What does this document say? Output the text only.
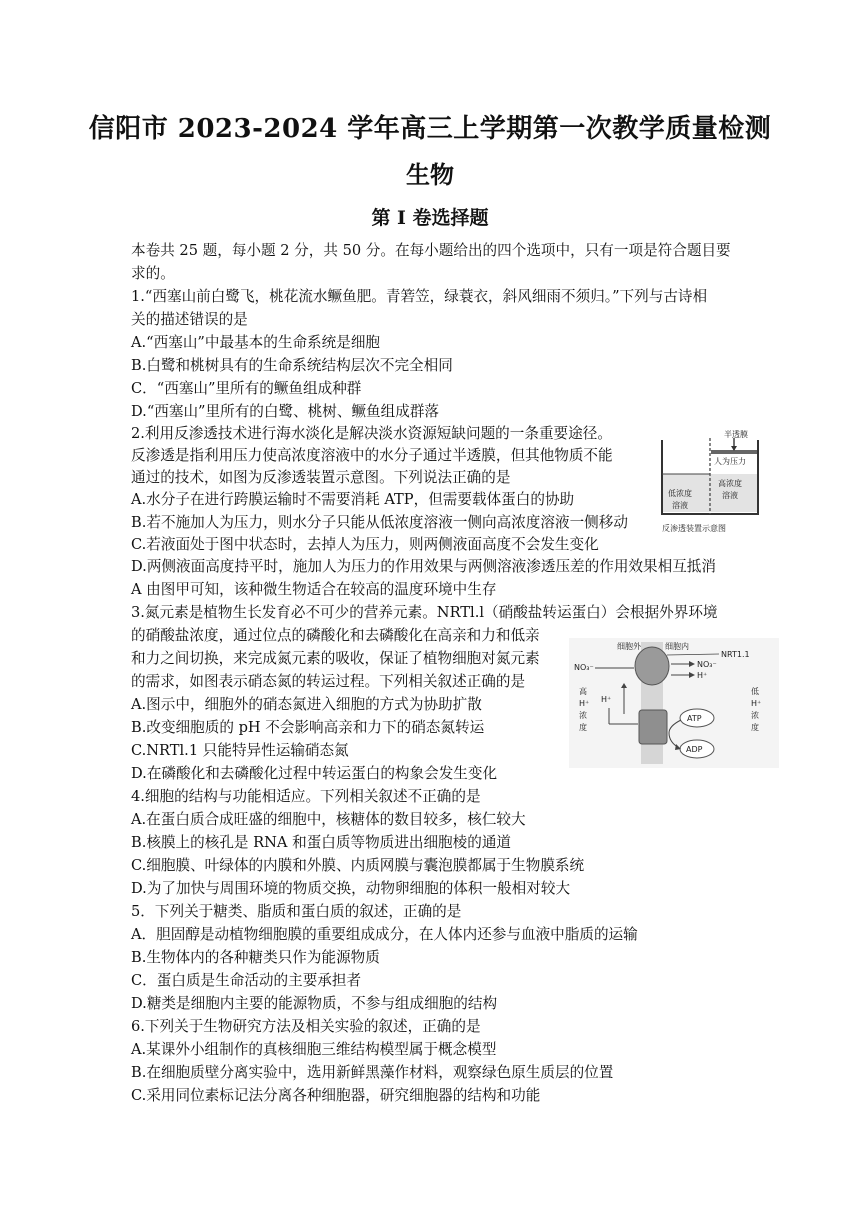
信阳市 2023-2024 学年高三上学期第一次教学质量检测
生物
第 I 卷选择题
本卷共 25 题，每小题 2 分，共 50 分。在每小题给出的四个选项中，只有一项是符合题目要
求的。
1.“西塞山前白鹭飞，桃花流水鳜鱼肥。青箬笠，绿蓑衣，斜风细雨不须归。”下列与古诗相
关的描述错误的是
A.“西塞山”中最基本的生命系统是细胞
B.白鹭和桃树具有的生命系统结构层次不完全相同
C．“西塞山”里所有的鳜鱼组成种群
D.“西塞山”里所有的白鹭、桃树、鳜鱼组成群落
2.利用反渗透技术进行海水淡化是解决淡水资源短缺问题的一条重要途径。
反渗透是指利用压力使高浓度溶液中的水分子通过半透膜，但其他物质不能
通过的技术，如图为反渗透装置示意图。下列说法正确的是
A.水分子在进行跨膜运输时不需要消耗 ATP，但需要载体蛋白的协助
B.若不施加人为压力，则水分子只能从低浓度溶液一侧向高浓度溶液一侧移动
C.若液面处于图中状态时，去掉人为压力，则两侧液面高度不会发生变化
D.两侧液面高度持平时，施加人为压力的作用效果与两侧溶液渗透压差的作用效果相互抵消
A 由图甲可知，该种微生物适合在较高的温度环境中生存
3.氮元素是植物生长发育必不可少的营养元素。NRTl.l（硝酸盐转运蛋白）会根据外界环境
的硝酸盐浓度，通过位点的磷酸化和去磷酸化在高亲和力和低亲
和力之间切换，来完成氮元素的吸收，保证了植物细胞对氮元素
的需求，如图表示硝态氮的转运过程。下列相关叙述正确的是
A.图示中，细胞外的硝态氮进入细胞的方式为协助扩散
B.改变细胞质的 pH 不会影响高亲和力下的硝态氮转运
C.NRTl.1 只能特异性运输硝态氮
D.在磷酸化和去磷酸化过程中转运蛋白的构象会发生变化
4.细胞的结构与功能相适应。下列相关叙述不正确的是
A.在蛋白质合成旺盛的细胞中，核糖体的数目较多，核仁较大
B.核膜上的核孔是 RNA 和蛋白质等物质进出细胞棱的通道
C.细胞膜、叶绿体的内膜和外膜、内质网膜与囊泡膜都属于生物膜系统
D.为了加快与周围环境的物质交换，动物卵细胞的体积一般相对较大
5．下列关于糖类、脂质和蛋白质的叙述，正确的是
A．胆固醇是动植物细胞膜的重要组成成分，在人体内还参与血液中脂质的运输
B.生物体内的各种糖类只作为能源物质
C．蛋白质是生命活动的主要承担者
D.糖类是细胞内主要的能源物质，不参与组成细胞的结构
6.下列关于生物研究方法及相关实验的叙述，正确的是
A.某课外小组制作的真核细胞三维结构模型属于概念模型
B.在细胞质壁分离实验中，选用新鲜黑藻作材料，观察绿色原生质层的位置
C.采用同位素标记法分离各种细胞器，研究细胞器的结构和功能
半透膜
人为压力
高浓度
溶液
低浓度
溶液
反渗透装置示意图
细胞外	细胞内
NRT1.1
NO₃⁻	NO₃⁻
H⁺
高
H⁺
浓
度
低
H⁺
浓
度
H⁺
ATP
ADP
